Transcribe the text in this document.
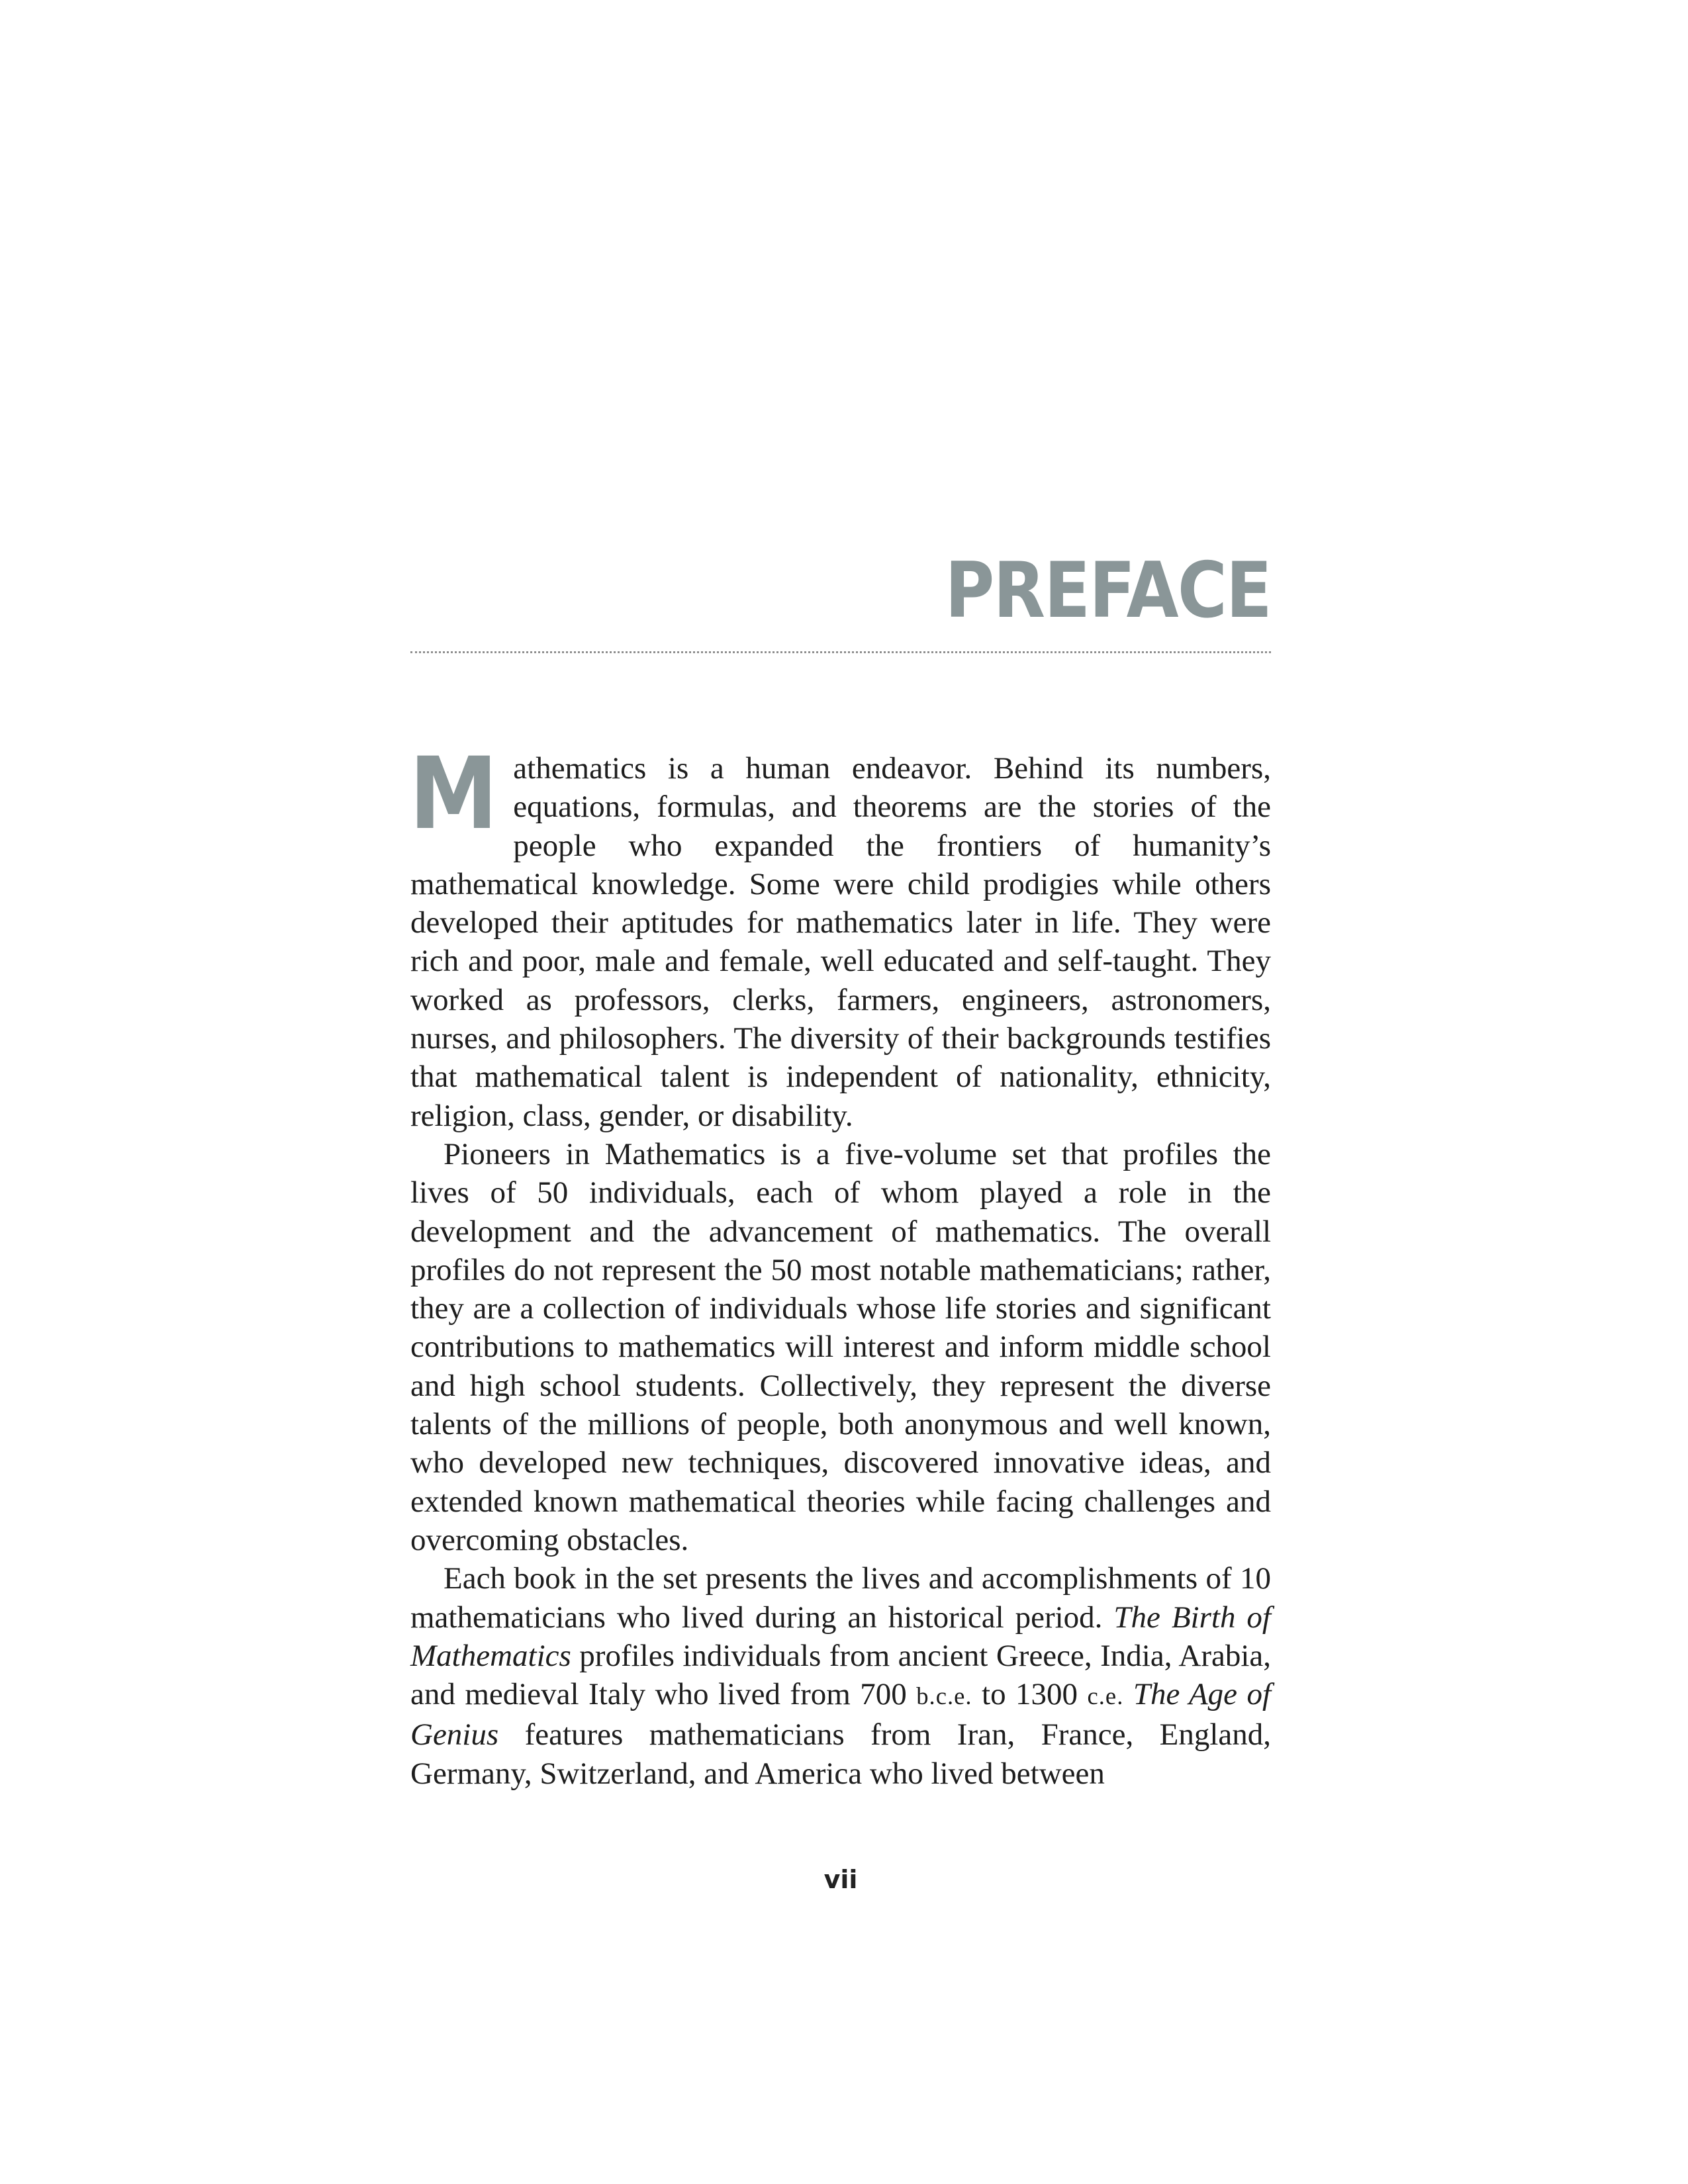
PREFACE

Mathematics is a human endeavor. Behind its numbers, equations, formulas, and theorems are the stories of the people who expanded the frontiers of humanity’s mathematical knowledge. Some were child prodigies while others developed their aptitudes for mathematics later in life. They were rich and poor, male and female, well educated and self-taught. They worked as professors, clerks, farmers, engineers, astronomers, nurses, and philosophers. The diversity of their backgrounds testifies that mathematical talent is independent of nationality, ethnicity, religion, class, gender, or disability.

Pioneers in Mathematics is a five-volume set that profiles the lives of 50 individuals, each of whom played a role in the development and the advancement of mathematics. The overall profiles do not represent the 50 most notable mathematicians; rather, they are a collection of individuals whose life stories and significant contributions to mathematics will interest and inform middle school and high school students. Collectively, they represent the diverse talents of the millions of people, both anonymous and well known, who developed new techniques, discovered innovative ideas, and extended known mathematical theories while facing challenges and overcoming obstacles.

Each book in the set presents the lives and accomplishments of 10 mathematicians who lived during an historical period. The Birth of Mathematics profiles individuals from ancient Greece, India, Arabia, and medieval Italy who lived from 700 b.c.e. to 1300 c.e. The Age of Genius features mathematicians from Iran, France, England, Germany, Switzerland, and America who lived between

vii
